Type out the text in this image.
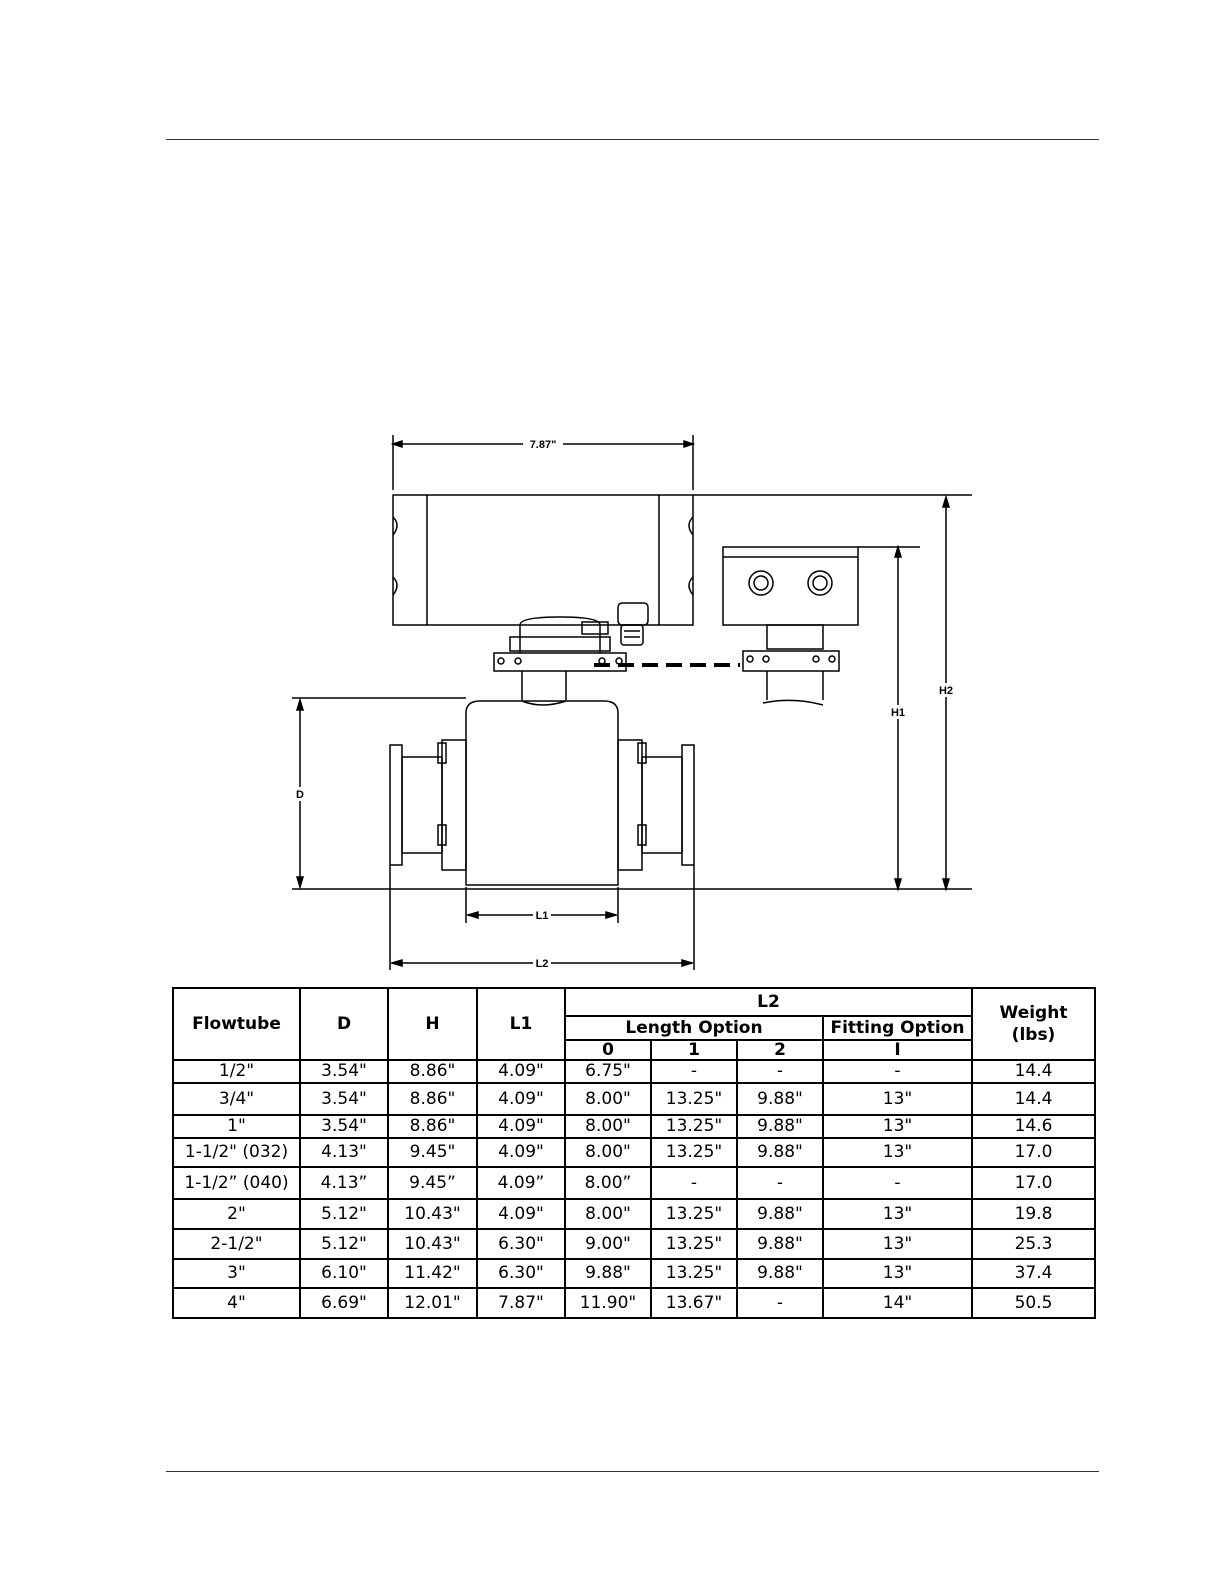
7.87"
H2
H1
D
L1
L2
Flowtube	D	H	L1	L2				Weight (lbs)
				Length Option			Fitting Option	
				0	1	2	I	
1/2"	3.54"	8.86"	4.09"	6.75"	-	-	-	14.4
3/4"	3.54"	8.86"	4.09"	8.00"	13.25"	9.88"	13"	14.4
1"	3.54"	8.86"	4.09"	8.00"	13.25"	9.88"	13"	14.6
1-1/2" (032)	4.13"	9.45"	4.09"	8.00"	13.25"	9.88"	13"	17.0
1-1/2” (040)	4.13”	9.45”	4.09”	8.00”	-	-	-	17.0
2"	5.12"	10.43"	4.09"	8.00"	13.25"	9.88"	13"	19.8
2-1/2"	5.12"	10.43"	6.30"	9.00"	13.25"	9.88"	13"	25.3
3"	6.10"	11.42"	6.30"	9.88"	13.25"	9.88"	13"	37.4
4"	6.69"	12.01"	7.87"	11.90"	13.67"	-	14"	50.5
